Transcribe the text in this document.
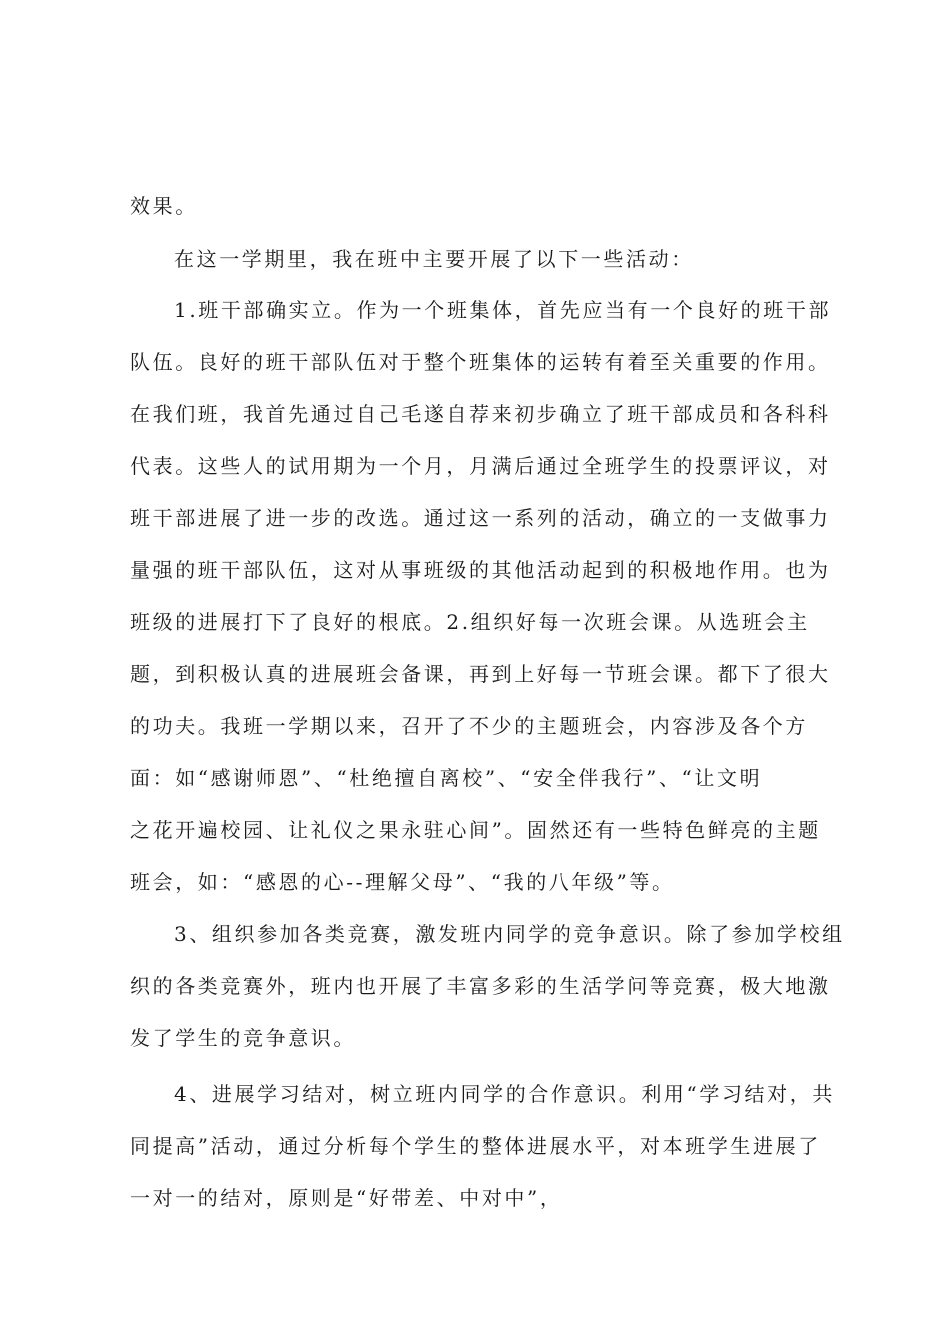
效果。
在这一学期里，我在班中主要开展了以下一些活动：
1.班干部确实立。作为一个班集体，首先应当有一个良好的班干部
队伍。良好的班干部队伍对于整个班集体的运转有着至关重要的作用。
在我们班，我首先通过自己毛遂自荐来初步确立了班干部成员和各科科
代表。这些人的试用期为一个月，月满后通过全班学生的投票评议，对
班干部进展了进一步的改选。通过这一系列的活动，确立的一支做事力
量强的班干部队伍，这对从事班级的其他活动起到的积极地作用。也为
班级的进展打下了良好的根底。2.组织好每一次班会课。从选班会主
题，到积极认真的进展班会备课，再到上好每一节班会课。都下了很大
的功夫。我班一学期以来，召开了不少的主题班会，内容涉及各个方
面：如“感谢师恩”、“杜绝擅自离校”、“安全伴我行”、“让文明
之花开遍校园、让礼仪之果永驻心间”。固然还有一些特色鲜亮的主题
班会，如：“感恩的心--理解父母”、“我的八年级”等。
3、组织参加各类竞赛，激发班内同学的竞争意识。除了参加学校组
织的各类竞赛外，班内也开展了丰富多彩的生活学问等竞赛，极大地激
发了学生的竞争意识。
4、进展学习结对，树立班内同学的合作意识。利用“学习结对，共
同提高”活动，通过分析每个学生的整体进展水平，对本班学生进展了
一对一的结对，原则是“好带差、中对中”，
